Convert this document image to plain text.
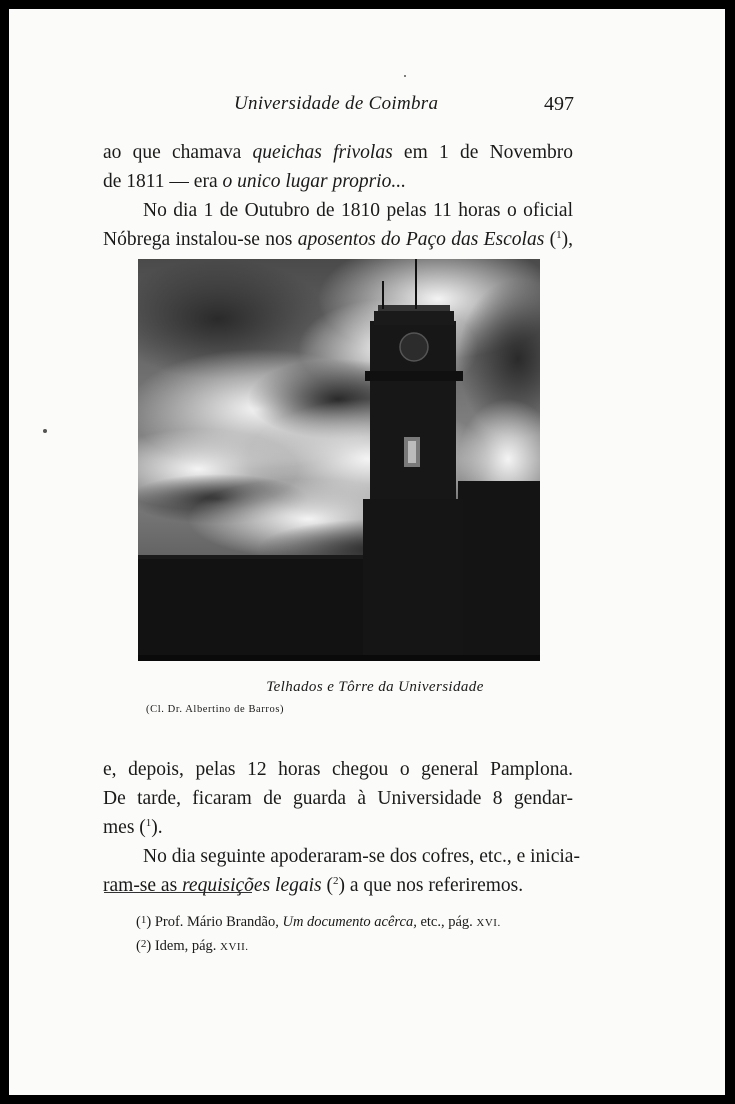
Universidade de Coimbra	497

ao que chamava queichas frivolas em 1 de Novembro
de 1811 — era o unico lugar proprio...
No dia 1 de Outubro de 1810 pelas 11 horas o oficial
Nóbrega instalou-se nos aposentos do Paço das Escolas ($^1$),

Telhados e Tôrre da Universidade
(Cl. Dr. Albertino de Barros)

e, depois, pelas 12 horas chegou o general Pamplona.
De tarde, ficaram de guarda à Universidade 8 gendar-
mes ($^1$).
No dia seguinte apoderaram-se dos cofres, etc., e inicia-
ram-se as requisições legais ($^2$) a que nos referiremos.

($^1$) Prof. Mário Brandão, Um documento acêrca, etc., pág. XVI.
($^2$) Idem, pág. XVII.
